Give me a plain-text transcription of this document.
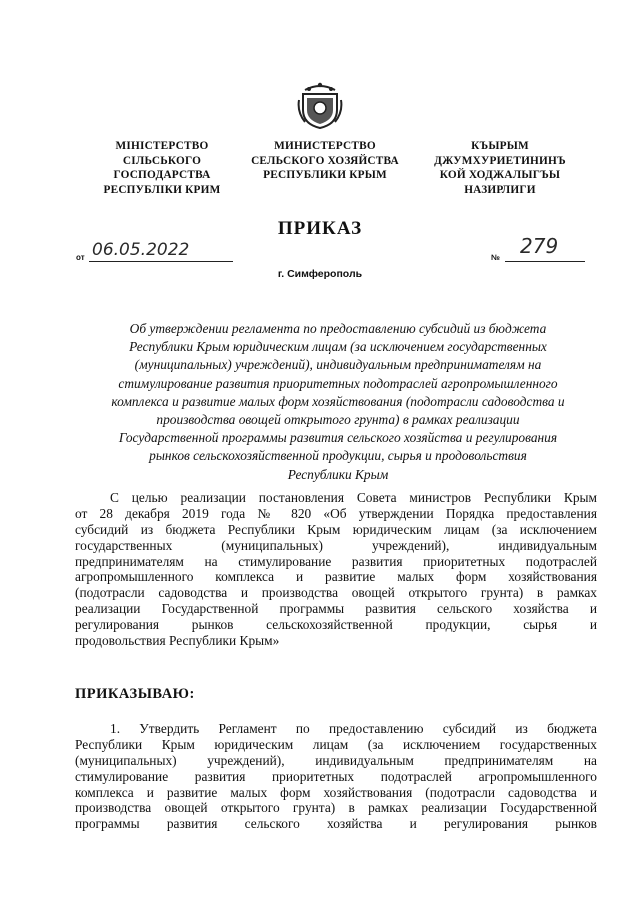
МІНІСТЕРСТВО
СІЛЬСЬКОГО
ГОСПОДАРСТВА
РЕСПУБЛІКИ КРИМ
МИНИСТЕРСТВО
СЕЛЬСКОГО ХОЗЯЙСТВА
РЕСПУБЛИКИ КРЫМ
КЪЫРЫМ
ДЖУМХУРИЕТИНИНЪ
КОЙ ХОДЖАЛЫГЪЫ
НАЗИРЛИГИ
ПРИКАЗ
от 06.05.2022	№ 279
г. Симферополь
Об утверждении регламента по предоставлению субсидий из бюджета
Республики Крым юридическим лицам (за исключением государственных
(муниципальных) учреждений), индивидуальным предпринимателям на
стимулирование развития приоритетных подотраслей агропромышленного
комплекса и развитие малых форм хозяйствования (подотрасли садоводства и
производства овощей открытого грунта) в рамках реализации
Государственной программы развития сельского хозяйства и регулирования
рынков сельскохозяйственной продукции, сырья и продовольствия
Республики Крым
С целью реализации постановления Совета министров Республики Крым
от 28 декабря 2019 года № 820 «Об утверждении Порядка предоставления
субсидий из бюджета Республики Крым юридическим лицам (за исключением
государственных (муниципальных) учреждений), индивидуальным
предпринимателям на стимулирование развития приоритетных подотраслей
агропромышленного комплекса и развитие малых форм хозяйствования
(подотрасли садоводства и производства овощей открытого грунта) в рамках
реализации Государственной программы развития сельского хозяйства и
регулирования рынков сельскохозяйственной продукции, сырья и
продовольствия Республики Крым»
ПРИКАЗЫВАЮ:
1. Утвердить Регламент по предоставлению субсидий из бюджета
Республики Крым юридическим лицам (за исключением государственных
(муниципальных) учреждений), индивидуальным предпринимателям на
стимулирование развития приоритетных подотраслей агропромышленного
комплекса и развитие малых форм хозяйствования (подотрасли садоводства и
производства овощей открытого грунта) в рамках реализации Государственной
программы развития сельского хозяйства и регулирования рынков
